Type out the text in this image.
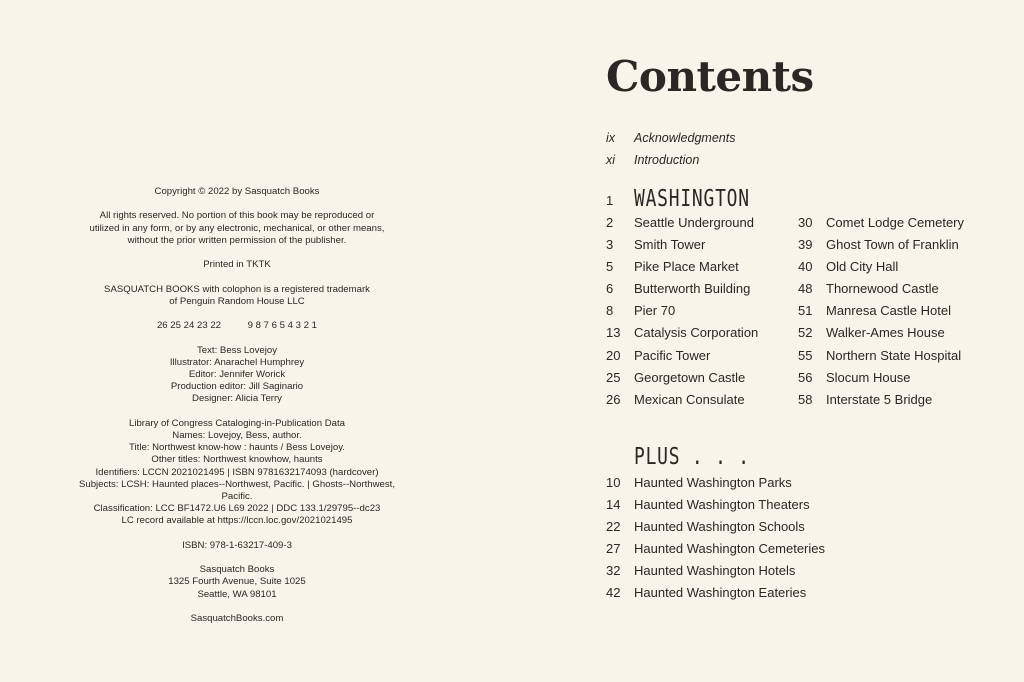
Copyright © 2022 by Sasquatch Books

All rights reserved. No portion of this book may be reproduced or
utilized in any form, or by any electronic, mechanical, or other means,
without the prior written permission of the publisher.

Printed in TKTK

SASQUATCH BOOKS with colophon is a registered trademark
of Penguin Random House LLC

26 25 24 23 22	9 8 7 6 5 4 3 2 1

Text: Bess Lovejoy
Illustrator: Anarachel Humphrey
Editor: Jennifer Worick
Production editor: Jill Saginario
Designer: Alicia Terry

Library of Congress Cataloging-in-Publication Data
Names: Lovejoy, Bess, author.
Title: Northwest know-how : haunts / Bess Lovejoy.
Other titles: Northwest knowhow, haunts
Identifiers: LCCN 2021021495 | ISBN 9781632174093 (hardcover)
Subjects: LCSH: Haunted places--Northwest, Pacific. | Ghosts--Northwest,
Pacific.
Classification: LCC BF1472.U6 L69 2022 | DDC 133.1/29795--dc23
LC record available at https://lccn.loc.gov/2021021495

ISBN: 978-1-63217-409-3

Sasquatch Books
1325 Fourth Avenue, Suite 1025
Seattle, WA 98101

SasquatchBooks.com

Contents
ix	Acknowledgments
xi	Introduction
1 WASHINGTON
2	Seattle Underground
3	Smith Tower
5	Pike Place Market
6	Butterworth Building
8	Pier 70
13	Catalysis Corporation
20	Pacific Tower
25	Georgetown Castle
26	Mexican Consulate
30	Comet Lodge Cemetery
39	Ghost Town of Franklin
40	Old City Hall
48	Thornewood Castle
51	Manresa Castle Hotel
52	Walker-Ames House
55	Northern State Hospital
56	Slocum House
58	Interstate 5 Bridge
PLUS . . .
10	Haunted Washington Parks
14	Haunted Washington Theaters
22	Haunted Washington Schools
27	Haunted Washington Cemeteries
32	Haunted Washington Hotels
42	Haunted Washington Eateries
